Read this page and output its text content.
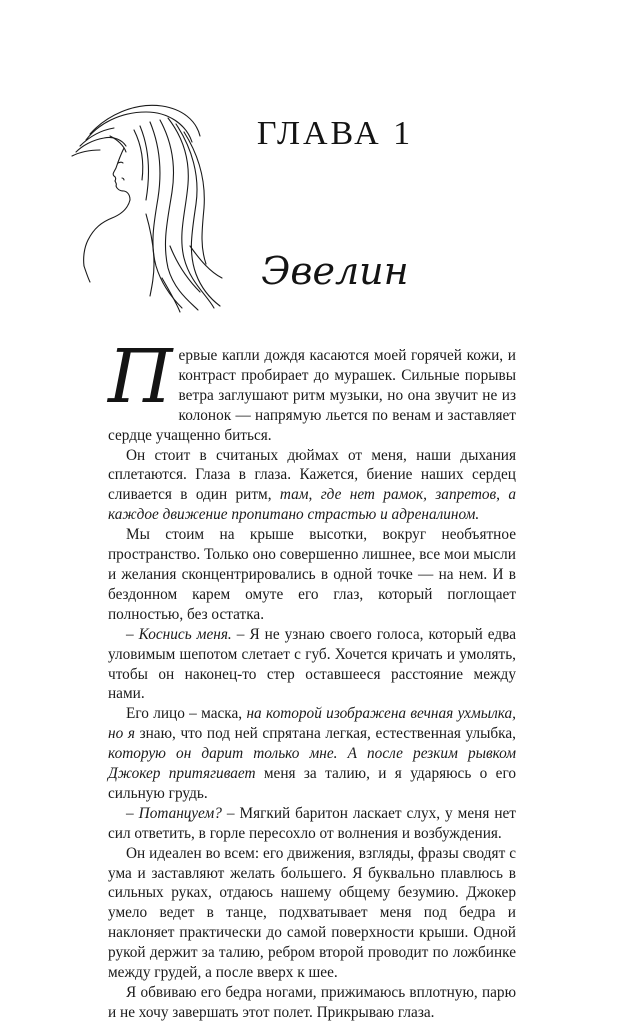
ГЛАВА 1
Эвелин

Первые капли дождя касаются моей горячей кожи, и контраст пробирает до мурашек. Сильные порывы ветра заглушают ритм музыки, но она звучит не из колонок — напрямую льется по венам и заставляет сердце учащенно биться.

Он стоит в считаных дюймах от меня, наши дыхания сплетаются. Глаза в глаза. Кажется, биение наших сердец сливается в один ритм, там, где нет рамок, запретов, а каждое движение пропитано страстью и адреналином.

Мы стоим на крыше высотки, вокруг необъятное пространство. Только оно совершенно лишнее, все мои мысли и желания сконцентрировались в одной точке — на нем. И в бездонном карем омуте его глаз, который поглощает полностью, без остатка.

– Коснись меня. – Я не узнаю своего голоса, который едва уловимым шепотом слетает с губ. Хочется кричать и умолять, чтобы он наконец-то стер оставшееся расстояние между нами.

Его лицо – маска, на которой изображена вечная ухмылка, но я знаю, что под ней спрятана легкая, естественная улыбка, которую он дарит только мне. А после резким рывком Джокер притягивает меня за талию, и я ударяюсь о его сильную грудь.

– Потанцуем? – Мягкий баритон ласкает слух, у меня нет сил ответить, в горле пересохло от волнения и возбуждения.

Он идеален во всем: его движения, взгляды, фразы сводят с ума и заставляют желать большего. Я буквально плавлюсь в сильных руках, отдаюсь нашему общему безумию. Джокер умело ведет в танце, подхватывает меня под бедра и наклоняет практически до самой поверхности крыши. Одной рукой держит за талию, ребром второй проводит по ложбинке между грудей, а после вверх к шее.

Я обвиваю его бедра ногами, прижимаюсь вплотную, парю и не хочу завершать этот полет. Прикрываю глаза.
